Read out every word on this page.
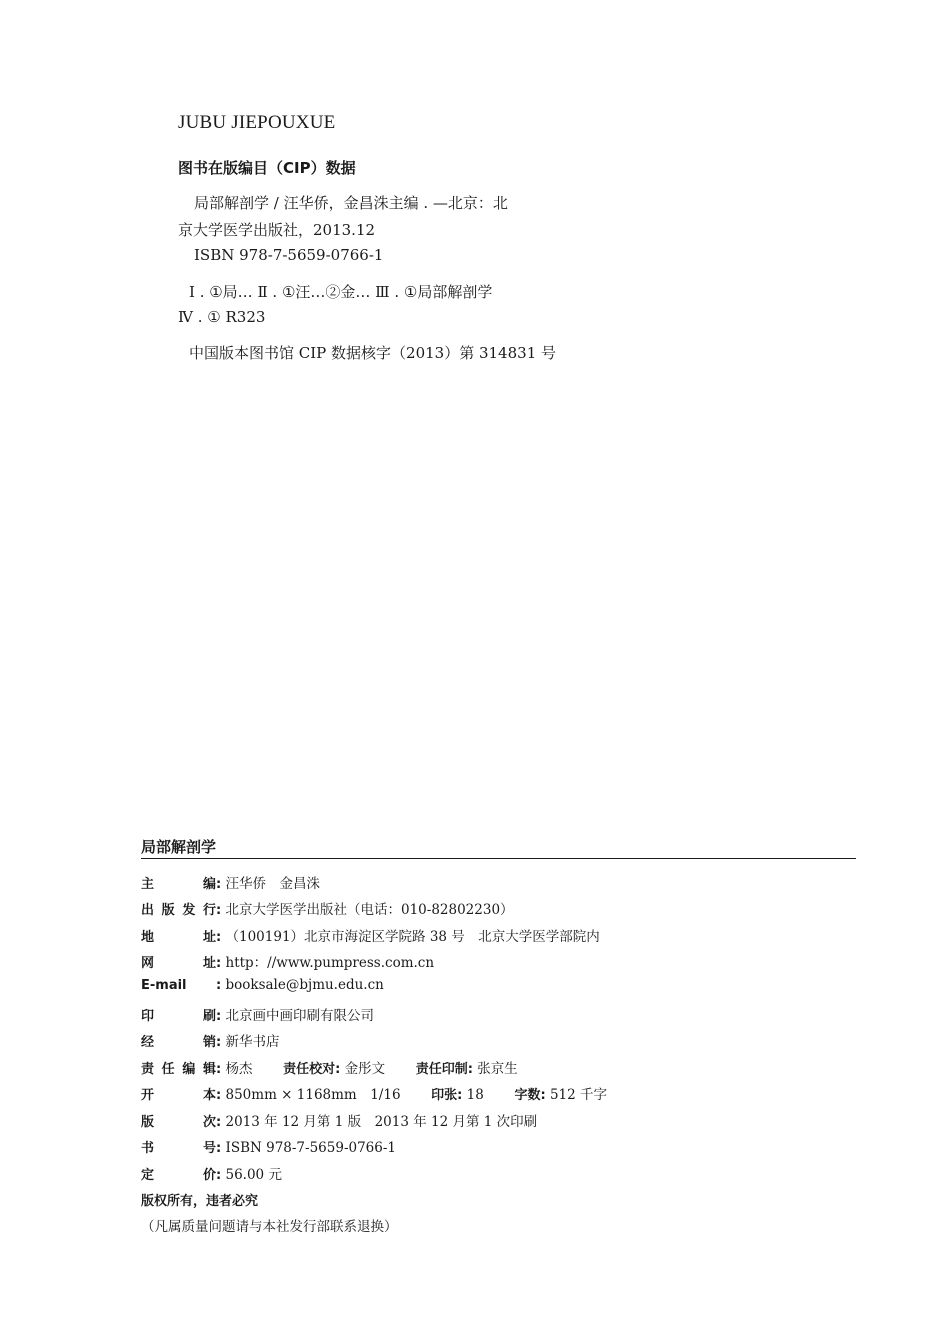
JUBU JIEPOUXUE
图书在版编目（CIP）数据
局部解剖学 / 汪华侨，金昌洙主编 . —北京：北
京大学医学出版社，2013.12
ISBN 978-7-5659-0766-1
Ⅰ . ①局… Ⅱ . ①汪…②金… Ⅲ . ①局部解剖学
Ⅳ . ① R323
中国版本图书馆 CIP 数据核字（2013）第 314831 号
局部解剖学
主编: 汪华侨　金昌洙
出版发行: 北京大学医学出版社（电话：010-82802230）
地址: （100191）北京市海淀区学院路 38 号　北京大学医学部院内
网址: http：//www.pumpress.com.cn
E-mail : booksale@bjmu.edu.cn
印刷: 北京画中画印刷有限公司
经销: 新华书店
责任编辑: 杨杰 责任校对: 金彤文 责任印制: 张京生
开本: 850mm × 1168mm　1/16 印张: 18 字数: 512 千字
版次: 2013 年 12 月第 1 版　2013 年 12 月第 1 次印刷
书号: ISBN 978-7-5659-0766-1
定价: 56.00 元
版权所有，违者必究
（凡属质量问题请与本社发行部联系退换）
